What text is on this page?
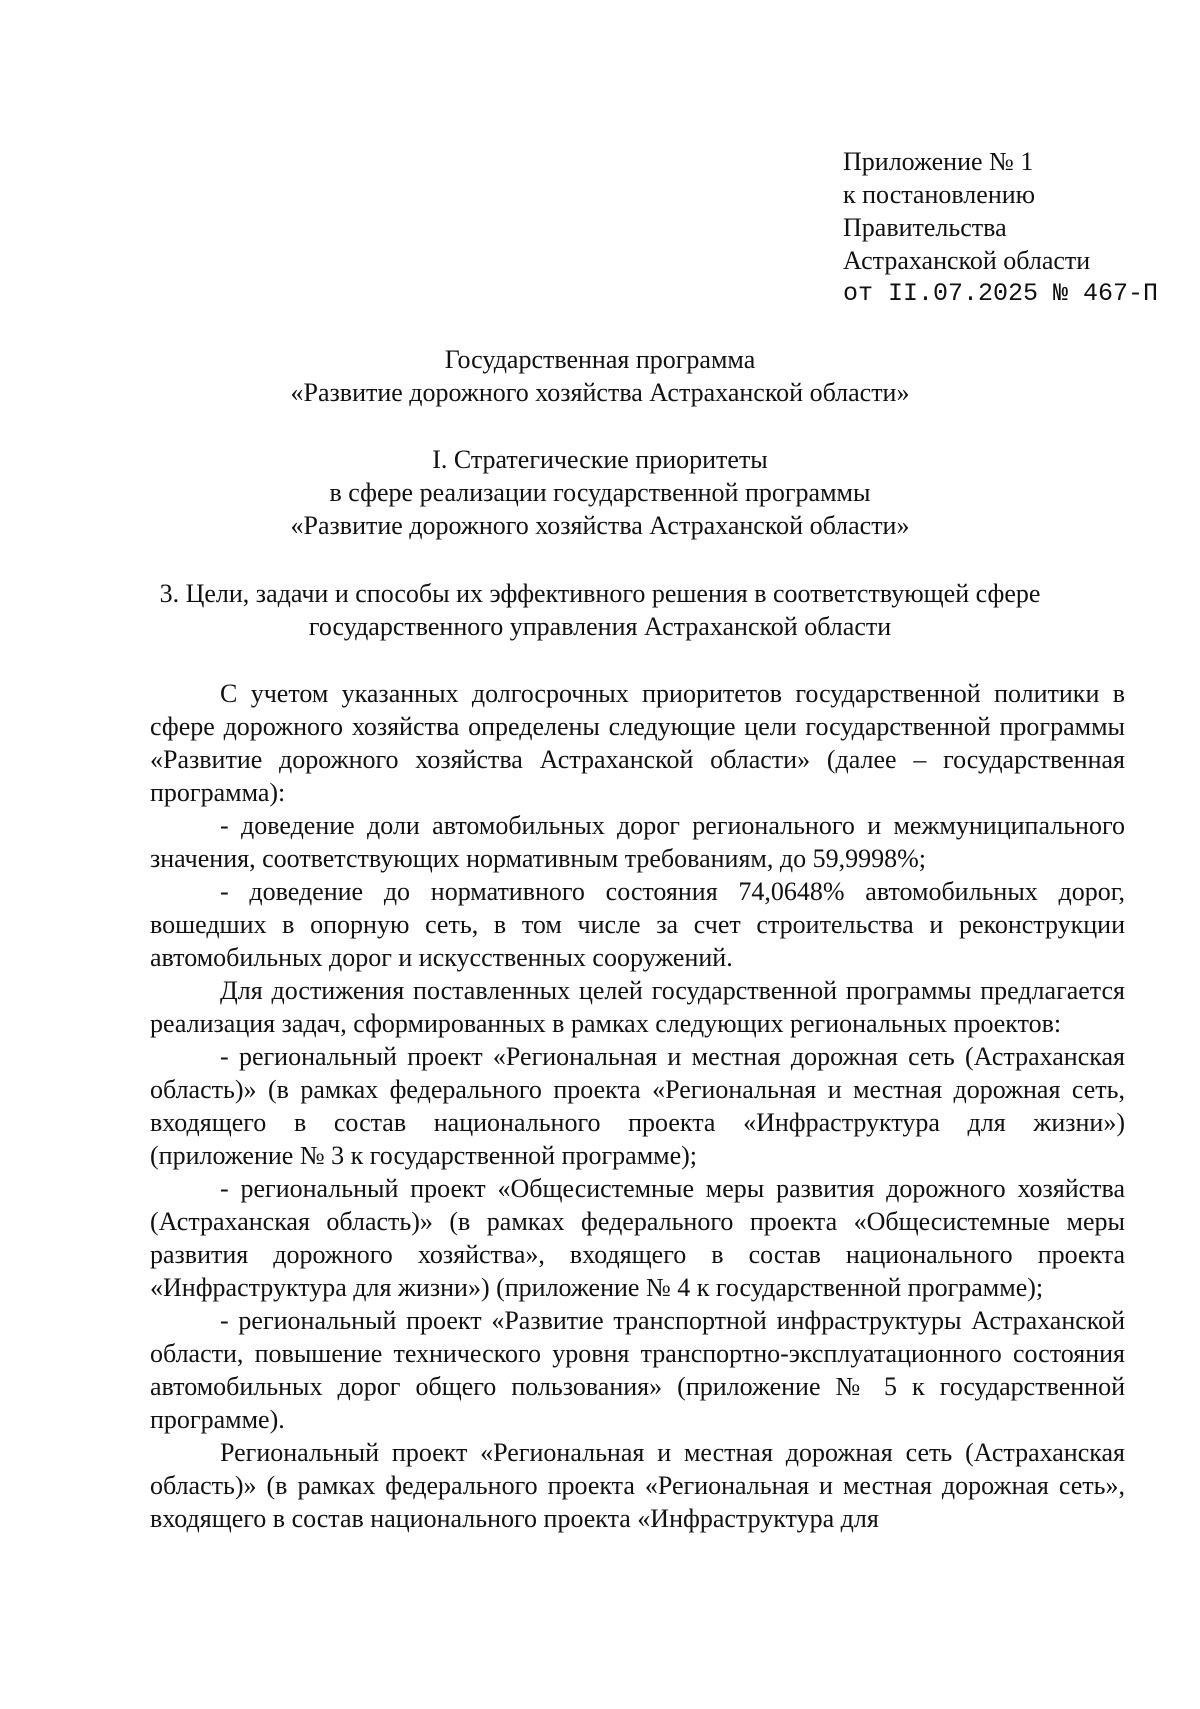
Приложение № 1
к постановлению
Правительства
Астраханской области
от II.07.2025 № 467-П
Государственная программа
«Развитие дорожного хозяйства Астраханской области»
I. Стратегические приоритеты
в сфере реализации государственной программы
«Развитие дорожного хозяйства Астраханской области»
3. Цели, задачи и способы их эффективного решения в соответствующей сфере
государственного управления Астраханской области

С учетом указанных долгосрочных приоритетов государственной политики в сфере дорожного хозяйства определены следующие цели государственной программы «Развитие дорожного хозяйства Астраханской области» (далее – государственная программа):

- доведение доли автомобильных дорог регионального и межмуниципального значения, соответствующих нормативным требованиям, до 59,9998%;

- доведение до нормативного состояния 74,0648% автомобильных дорог, вошедших в опорную сеть, в том числе за счет строительства и реконструкции автомобильных дорог и искусственных сооружений.

Для достижения поставленных целей государственной программы предлагается реализация задач, сформированных в рамках следующих региональных проектов:

- региональный проект «Региональная и местная дорожная сеть (Астраханская область)» (в рамках федерального проекта «Региональная и местная дорожная сеть, входящего в состав национального проекта «Инфраструктура для жизни») (приложение № 3 к государственной программе);

- региональный проект «Общесистемные меры развития дорожного хозяйства (Астраханская область)» (в рамках федерального проекта «Общесистемные меры развития дорожного хозяйства», входящего в состав национального проекта «Инфраструктура для жизни») (приложение № 4 к государственной программе);

- региональный проект «Развитие транспортной инфраструктуры Астраханской области, повышение технического уровня транспортно-эксплуатационного состояния автомобильных дорог общего пользования» (приложение № 5 к государственной программе).

Региональный проект «Региональная и местная дорожная сеть (Астраханская область)» (в рамках федерального проекта «Региональная и местная дорожная сеть», входящего в состав национального проекта «Инфраструктура для
